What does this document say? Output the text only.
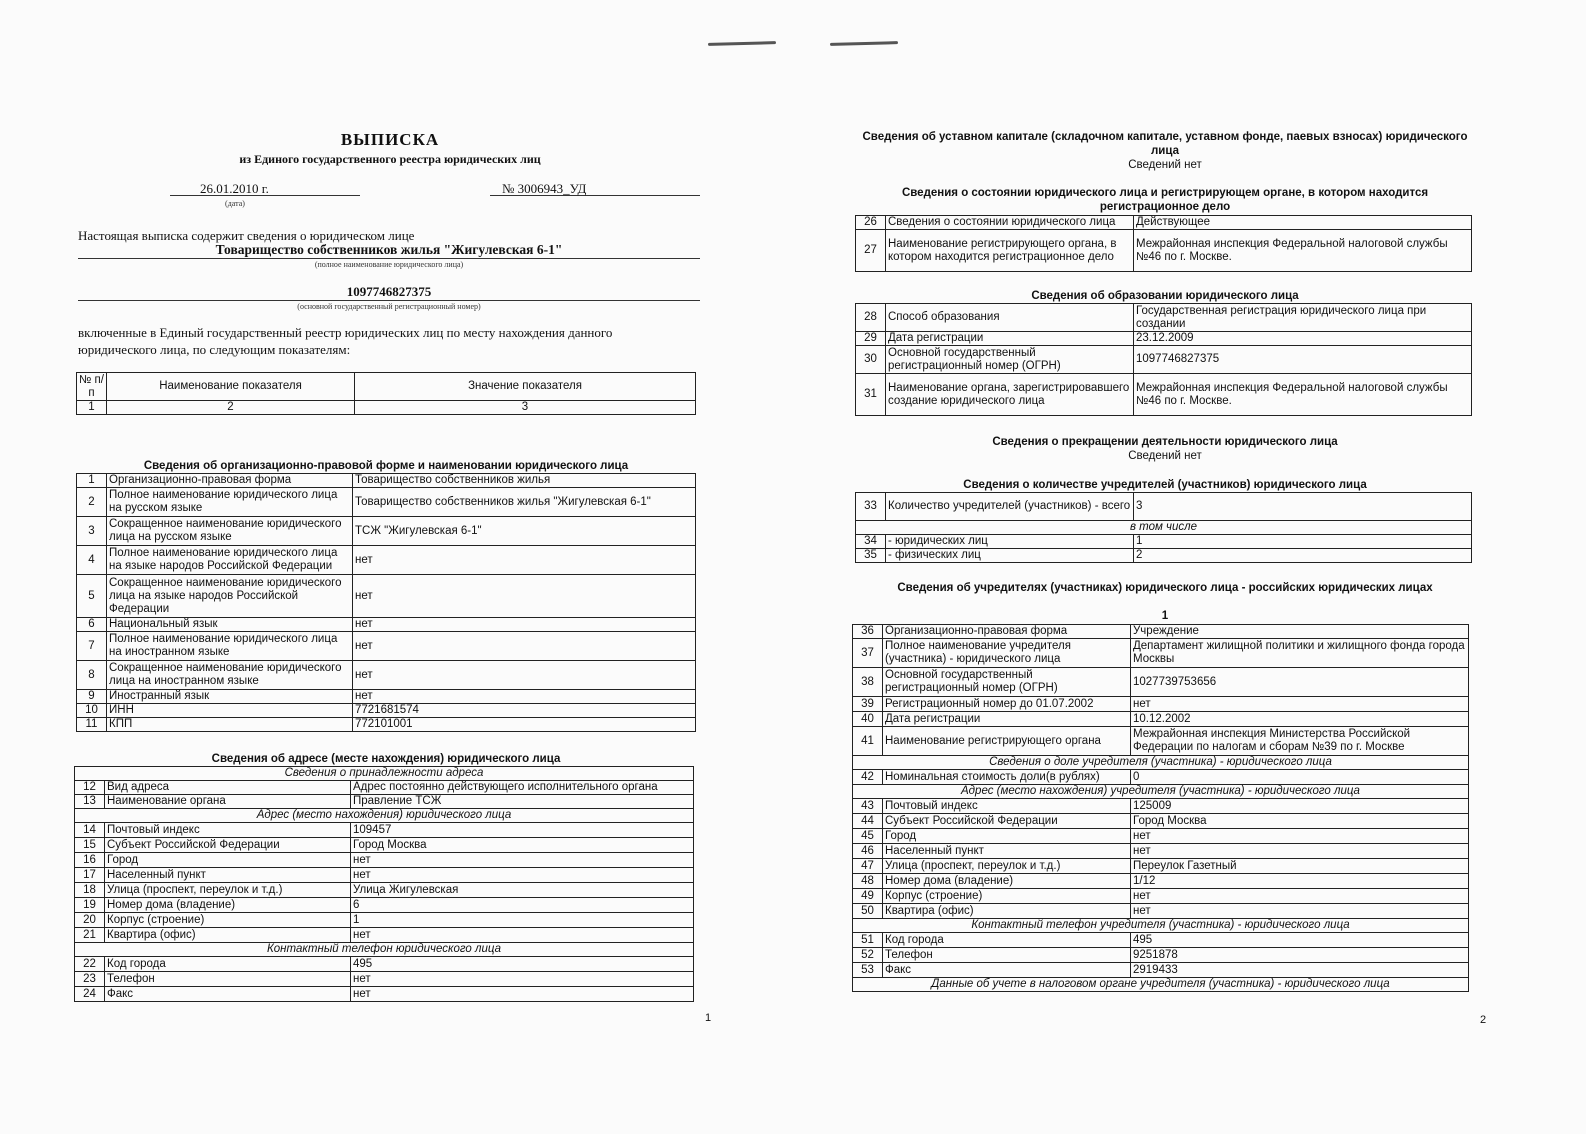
ВЫПИСКА
из Единого государственного реестра юридических лиц
26.01.2010 г.
(дата)
№ 3006943_УД
Настоящая выписка содержит сведения о юридическом лице
Товарищество собственников жилья "Жигулевская 6-1"
(полное наименование юридического лица)
1097746827375
(основной государственный регистрационный номер)
включенные в Единый государственный реестр юридических лиц по месту нахождения данного юридического лица, по следующим показателям:
№ п/п	Наименование показателя	Значение показателя
1	2	3
Сведения об организационно-правовой форме и наименовании юридического лица
1	Организационно-правовая форма	Товарищество собственников жилья
2	Полное наименование юридического лица на русском языке	Товарищество собственников жилья "Жигулевская 6-1"
3	Сокращенное наименование юридического лица на русском языке	ТСЖ "Жигулевская 6-1"
4	Полное наименование юридического лица на языке народов Российской Федерации	нет
5	Сокращенное наименование юридического лица на языке народов Российской Федерации	нет
6	Национальный язык	нет
7	Полное наименование юридического лица на иностранном языке	нет
8	Сокращенное наименование юридического лица на иностранном языке	нет
9	Иностранный язык	нет
10	ИНН	7721681574
11	КПП	772101001
Сведения об адресе (месте нахождения) юридического лица
Сведения о принадлежности адреса		
12	Вид адреса	Адрес постоянно действующего исполнительного органа
13	Наименование органа	Правление ТСЖ
Адрес (место нахождения) юридического лица		
14	Почтовый индекс	109457
15	Субъект Российской Федерации	Город Москва
16	Город	нет
17	Населенный пункт	нет
18	Улица (проспект, переулок и т.д.)	Улица Жигулевская
19	Номер дома (владение)	6
20	Корпус (строение)	1
21	Квартира (офис)	нет
Контактный телефон юридического лица		
22	Код города	495
23	Телефон	нет
24	Факс	нет
1
Сведения об уставном капитале (складочном капитале, уставном фонде, паевых взносах) юридического лица
Сведений нет
Сведения о состоянии юридического лица и регистрирующем органе, в котором находится регистрационное дело
26	Сведения о состоянии юридического лица	Действующее
27	Наименование регистрирующего органа, в котором находится регистрационное дело	Межрайонная инспекция Федеральной налоговой службы №46 по г. Москве.
Сведения об образовании юридического лица
28	Способ образования	Государственная регистрация юридического лица при создании
29	Дата регистрации	23.12.2009
30	Основной государственный регистрационный номер (ОГРН)	1097746827375
31	Наименование органа, зарегистрировавшего создание юридического лица	Межрайонная инспекция Федеральной налоговой службы №46 по г. Москве.
Сведения о прекращении деятельности юридического лица
Сведений нет
Сведения о количестве учредителей (участников) юридического лица
33	Количество учредителей (участников) - всего	3
в том числе		
34	- юридических лиц	1
35	- физических лиц	2
Сведения об учредителях (участниках) юридического лица - российских юридических лицах
1
36	Организационно-правовая форма	Учреждение
37	Полное наименование учредителя (участника) - юридического лица	Департамент жилищной политики и жилищного фонда города Москвы
38	Основной государственный регистрационный номер (ОГРН)	1027739753656
39	Регистрационный номер до 01.07.2002	нет
40	Дата регистрации	10.12.2002
41	Наименование регистрирующего органа	Межрайонная инспекция Министерства Российской Федерации по налогам и сборам №39 по г. Москве
Сведения о доле учредителя (участника) - юридического лица		
42	Номинальная стоимость доли(в рублях)	0
Адрес (место нахождения) учредителя (участника) - юридического лица		
43	Почтовый индекс	125009
44	Субъект Российской Федерации	Город Москва
45	Город	нет
46	Населенный пункт	нет
47	Улица (проспект, переулок и т.д.)	Переулок Газетный
48	Номер дома (владение)	1/12
49	Корпус (строение)	нет
50	Квартира (офис)	нет
Контактный телефон учредителя (участника) - юридического лица		
51	Код города	495
52	Телефон	9251878
53	Факс	2919433
Данные об учете в налоговом органе учредителя (участника) - юридического лица		
2
